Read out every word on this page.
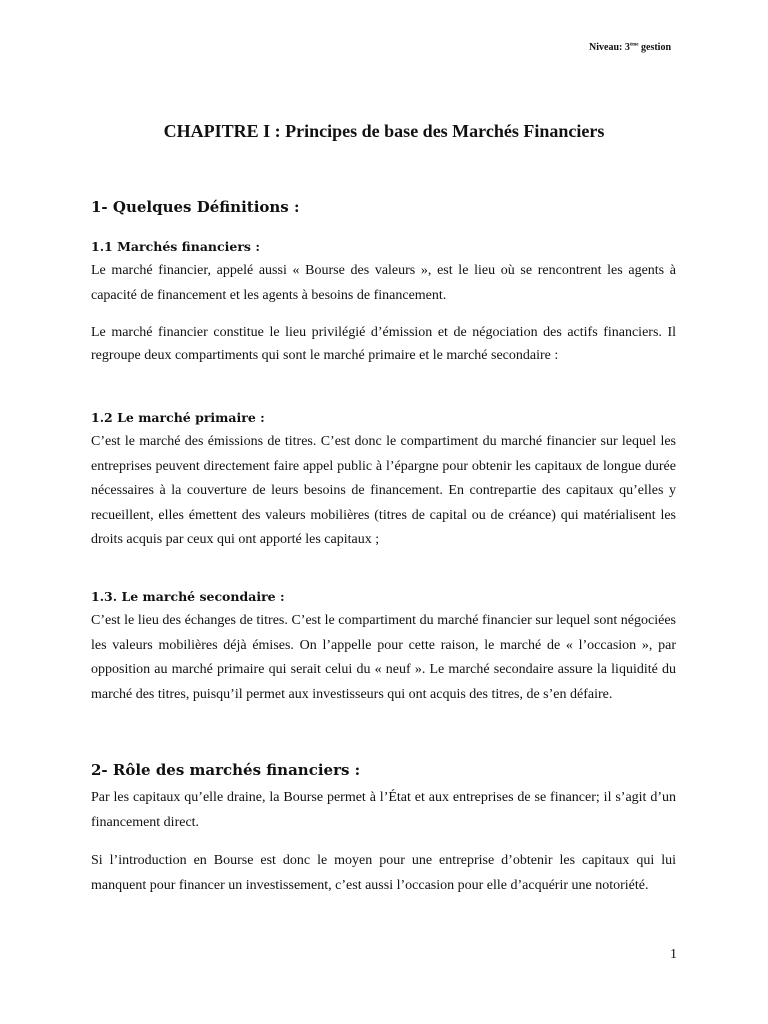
Niveau: 3ème gestion
CHAPITRE I : Principes de base des Marchés Financiers
1- Quelques Définitions :
1.1 Marchés financiers :
Le marché financier, appelé aussi « Bourse des valeurs », est le lieu où se rencontrent les agents à capacité de financement et les agents à besoins de financement.
Le marché financier constitue le lieu privilégié d’émission et de négociation des actifs financiers. Il regroupe deux compartiments qui sont le marché primaire et le marché secondaire :
1.2 Le marché primaire :
C’est le marché des émissions de titres. C’est donc le compartiment du marché financier sur lequel les entreprises peuvent directement faire appel public à l’épargne pour obtenir les capitaux de longue durée nécessaires à la couverture de leurs besoins de financement. En contrepartie des capitaux qu’elles y recueillent, elles émettent des valeurs mobilières (titres de capital ou de créance) qui matérialisent les droits acquis par ceux qui ont apporté les capitaux ;
1.3. Le marché secondaire :
C’est le lieu des échanges de titres. C’est le compartiment du marché financier sur lequel sont négociées les valeurs mobilières déjà émises. On l’appelle pour cette raison, le marché de « l’occasion », par opposition au marché primaire qui serait celui du « neuf ». Le marché secondaire assure la liquidité du marché des titres, puisqu’il permet aux investisseurs qui ont acquis des titres, de s’en défaire.
2- Rôle des marchés financiers :
Par les capitaux qu’elle draine, la Bourse permet à l’État et aux entreprises de se financer; il s’agit d’un financement direct.
Si l’introduction en Bourse est donc le moyen pour une entreprise d’obtenir les capitaux qui lui manquent pour financer un investissement, c’est aussi l’occasion pour elle d’acquérir une notoriété.
1
